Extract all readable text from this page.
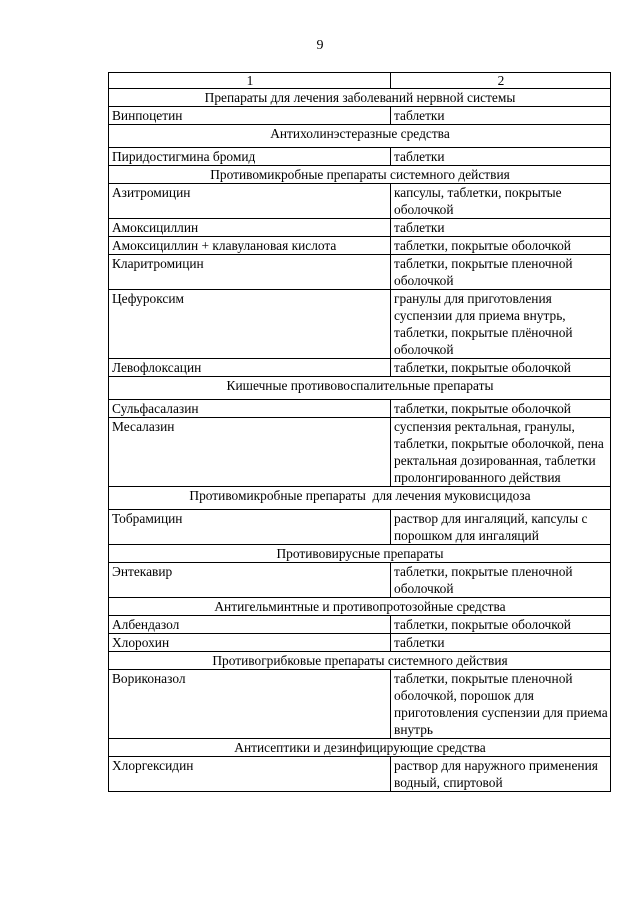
9
1	2
Препараты для лечения заболеваний нервной системы	
Винпоцетин	таблетки
Антихолинэстеразные средства	
Пиридостигмина бромид	таблетки
Противомикробные препараты системного действия	
Азитромицин	капсулы, таблетки, покрытые оболочкой
Амоксициллин	таблетки
Амоксициллин + клавулановая кислота	таблетки, покрытые оболочкой
Кларитромицин	таблетки, покрытые пленочной оболочкой
Цефуроксим	гранулы для приготовления суспензии для приема внутрь, таблетки, покрытые плёночной оболочкой
Левофлоксацин	таблетки, покрытые оболочкой
Кишечные противовоспалительные препараты	
Сульфасалазин	таблетки, покрытые оболочкой
Месалазин	суспензия ректальная, гранулы, таблетки, покрытые оболочкой, пена ректальная дозированная, таблетки пролонгированного действия
Противомикробные препараты  для лечения муковисцидоза	
Тобрамицин	раствор для ингаляций, капсулы с порошком для ингаляций
Противовирусные препараты	
Энтекавир	таблетки, покрытые пленочной оболочкой
Антигельминтные и противопротозойные средства	
Албендазол	таблетки, покрытые оболочкой
Хлорохин	таблетки
Противогрибковые препараты системного действия	
Вориконазол	таблетки, покрытые пленочной оболочкой, порошок для приготовления суспензии для приема внутрь
Антисептики и дезинфицирующие средства	
Хлоргексидин	раствор для наружного применения водный, спиртовой
